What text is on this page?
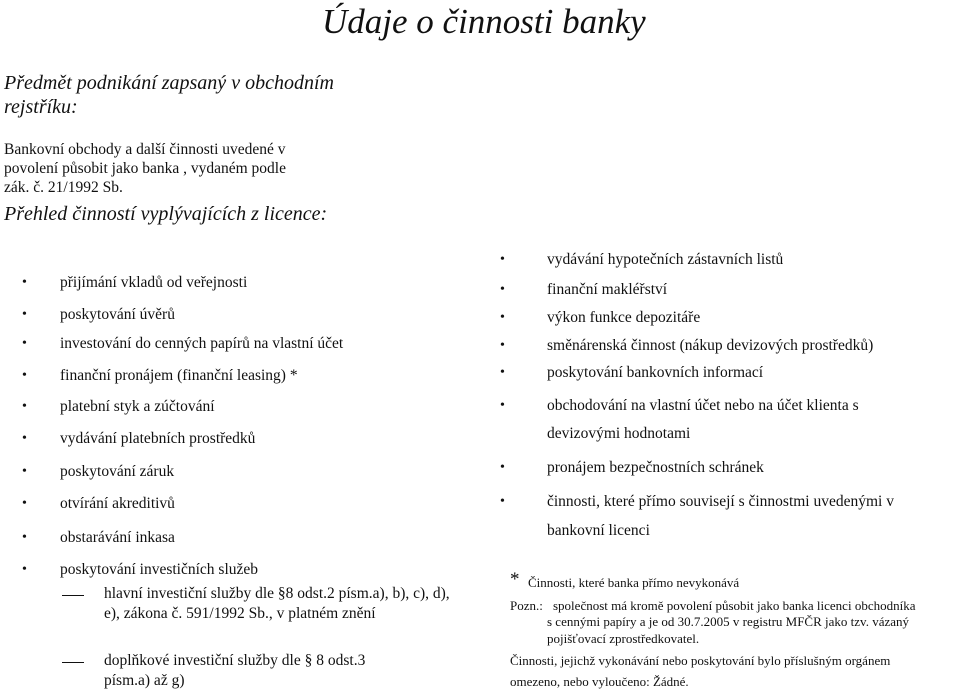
Údaje o činnosti banky
Předmět podnikání zapsaný v obchodním rejstříku:
Bankovní obchody a další činnosti uvedené v povolení působit jako banka , vydaném podle zák. č. 21/1992 Sb.
Přehled činností vyplývajících z licence:
• přijímání vkladů od veřejnosti
• poskytování úvěrů
• investování do cenných papírů na vlastní účet
• finanční pronájem (finanční leasing) *
• platební styk a zúčtování
• vydávání platebních prostředků
• poskytování záruk
• otvírání akreditivů
• obstarávání inkasa
• poskytování investičních služeb
hlavní investiční služby dle §8 odst.2 písm.a), b), c), d), e), zákona č. 591/1992 Sb., v platném znění
doplňkové investiční služby dle § 8 odst.3 písm.a) až g)
•	vydávání hypotečních zástavních listů
•	finanční makléřství
•	výkon funkce depozitáře
•	směnárenská činnost (nákup devizových prostředků)
•	poskytování bankovních informací
•	obchodování na vlastní účet nebo na účet klienta s
devizovými hodnotami
•	pronájem bezpečnostních schránek
•	činnosti, které přímo souvisejí s činnostmi uvedenými v
bankovní licenci
* Činnosti, které banka přímo nevykonává
Pozn.: společnost má kromě povolení působit jako banka licenci obchodníka
s cennými papíry a je od 30.7.2005 v registru MFČR jako tzv. vázaný
pojišťovací zprostředkovatel.
Činnosti, jejichž vykonávání nebo poskytování bylo příslušným orgánem
omezeno, nebo vyloučeno: Žádné.
